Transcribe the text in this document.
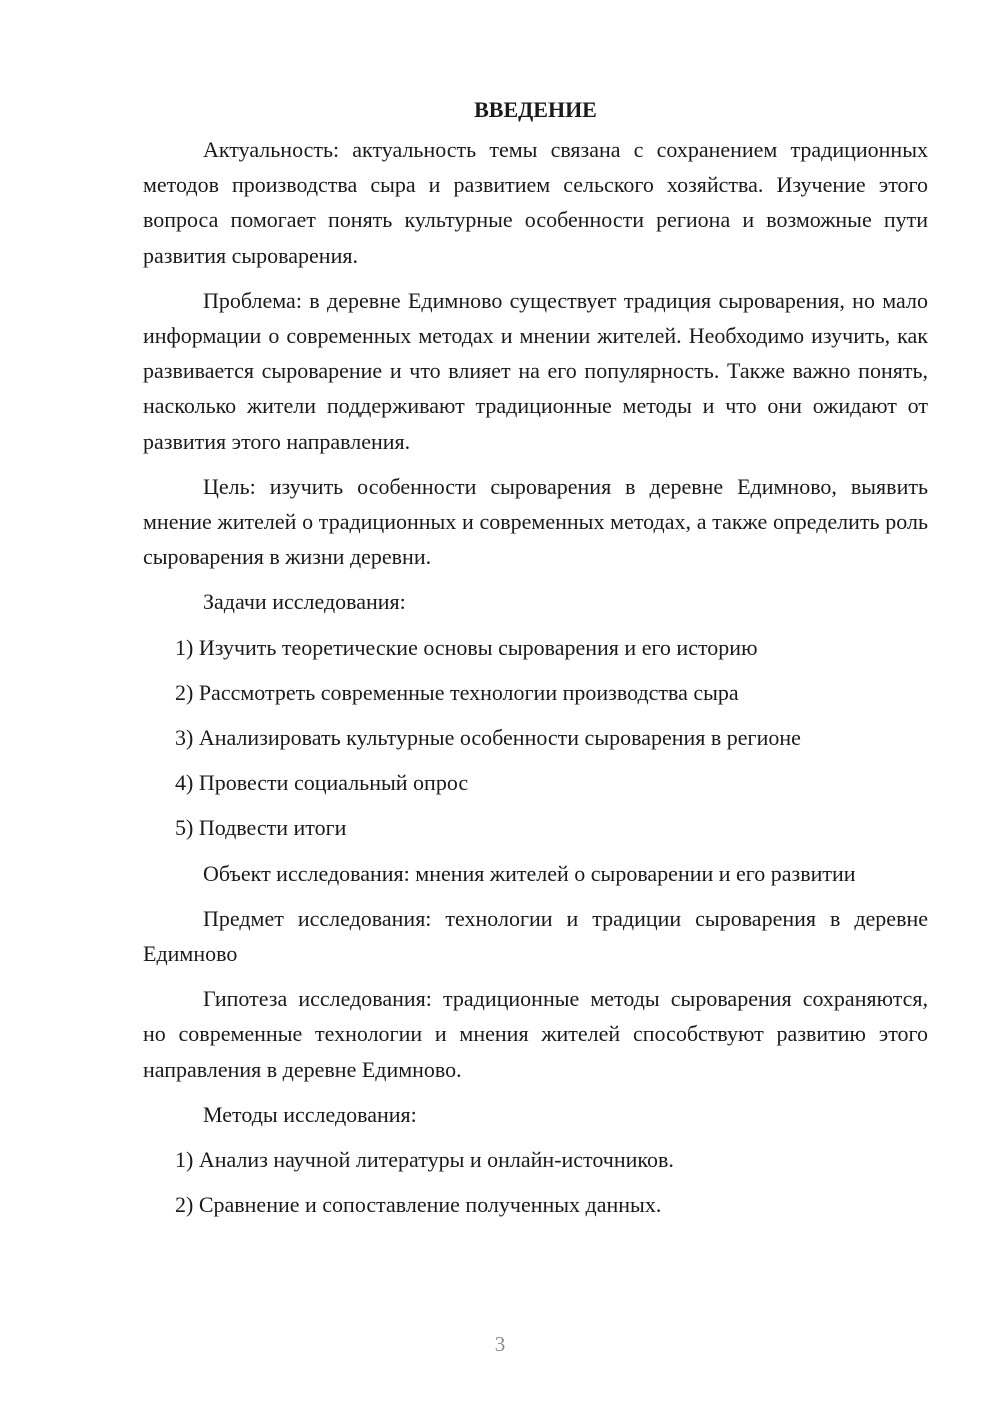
ВВЕДЕНИЕ

Актуальность: актуальность темы связана с сохранением традиционных методов производства сыра и развитием сельского хозяйства. Изучение этого вопроса помогает понять культурные особенности региона и возможные пути развития сыроварения.

Проблема: в деревне Едимново существует традиция сыроварения, но мало информации о современных методах и мнении жителей. Необходимо изучить, как развивается сыроварение и что влияет на его популярность. Также важно понять, насколько жители поддерживают традиционные методы и что они ожидают от развития этого направления.

Цель: изучить особенности сыроварения в деревне Едимново, выявить мнение жителей о традиционных и современных методах, а также определить роль сыроварения в жизни деревни.

Задачи исследования:

1) Изучить теоретические основы сыроварения и его историю

2) Рассмотреть современные технологии производства сыра

3) Анализировать культурные особенности сыроварения в регионе

4) Провести социальный опрос

5) Подвести итоги

Объект исследования: мнения жителей о сыроварении и его развитии

Предмет исследования: технологии и традиции сыроварения в деревне Едимново

Гипотеза исследования: традиционные методы сыроварения сохраняются, но современные технологии и мнения жителей способствуют развитию этого направления в деревне Едимново.

Методы исследования:

1) Анализ научной литературы и онлайн-источников.

2) Сравнение и сопоставление полученных данных.

3
